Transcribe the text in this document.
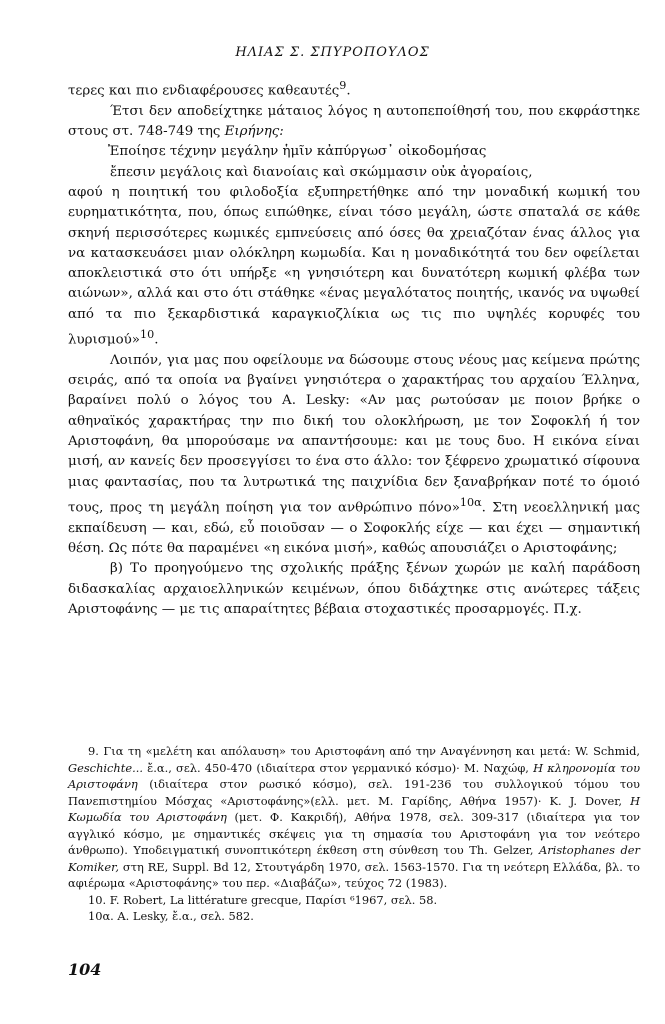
ΗΛΙΑΣ Σ. ΣΠΥΡΟΠΟΥΛΟΣ

τερες και πιο ενδιαφέρουσες καθεαυτές$^9$.

Έτσι δεν αποδείχτηκε μάταιος λόγος η αυτοπεποίθησή του, που εκφράστηκε στους στ. 748-749 της Ειρήνης:

Ἐποίησε τέχνην μεγάλην ἡμῖν κἀπύργωσ᾿ οἰκοδομήσας

ἔπεσιν μεγάλοις καὶ διανοίαις καὶ σκώμμασιν οὐκ ἀγοραίοις,

αφού η ποιητική του φιλοδοξία εξυπηρετήθηκε από την μοναδική κωμική του ευρηματικότητα, που, όπως ειπώθηκε, είναι τόσο μεγάλη, ώστε σπαταλά σε κάθε σκηνή περισσότερες κωμικές εμπνεύσεις από όσες θα χρειαζόταν ένας άλλος για να κατασκευάσει μιαν ολόκληρη κωμωδία. Και η μοναδικότητά του δεν οφείλεται αποκλειστικά στο ότι υπήρξε «η γνησιότερη και δυνατότερη κωμική φλέβα των αιώνων», αλλά και στο ότι στάθηκε «ένας μεγαλότατος ποιητής, ικανός να υψωθεί από τα πιο ξεκαρδιστικά καραγκιοζλίκια ως τις πιο υψηλές κορυφές του λυρισμού»$^{10}$.

Λοιπόν, για μας που οφείλουμε να δώσουμε στους νέους μας κείμενα πρώτης σειράς, από τα οποία να βγαίνει γνησιότερα ο χαρακτήρας του αρχαίου Έλληνα, βαραίνει πολύ ο λόγος του A. Lesky: «Αν μας ρωτούσαν με ποιον βρήκε ο αθηναϊκός χαρακτήρας την πιο δική του ολοκλήρωση, με τον Σοφοκλή ή τον Αριστοφάνη, θα μπορούσαμε να απαντήσουμε: και με τους δυο. Η εικόνα είναι μισή, αν κανείς δεν προσεγγίσει το ένα στο άλλο: τον ξέφρενο χρωματικό σίφουνα μιας φαντασίας, που τα λυτρωτικά της παιχνίδια δεν ξαναβρήκαν ποτέ το όμοιό τους, προς τη μεγάλη ποίηση για τον ανθρώπινο πόνο»$^{10\alpha}$. Στη νεοελληνική μας εκπαίδευση — και, εδώ, εὖ ποιοῦσαν — ο Σοφοκλής είχε — και έχει — σημαντική θέση. Ως πότε θα παραμένει «η εικόνα μισή», καθώς απουσιάζει ο Αριστοφάνης;

β) Το προηγούμενο της σχολικής πράξης ξένων χωρών με καλή παράδοση διδασκαλίας αρχαιοελληνικών κειμένων, όπου διδάχτηκε στις ανώτερες τάξεις Αριστοφάνης — με τις απαραίτητες βέβαια στοχαστικές προσαρμογές. Π.χ.

9. Για τη «μελέτη και απόλαυση» του Αριστοφάνη από την Αναγέννηση και μετά: W. Schmid, Geschichte... ἔ.α., σελ. 450-470 (ιδιαίτερα στον γερμανικό κόσμο)· Μ. Ναχώφ, Η κληρονομία του Αριστοφάνη (ιδιαίτερα στον ρωσικό κόσμο), σελ. 191-236 του συλλογικού τόμου του Πανεπιστημίου Μόσχας «Αριστοφάνης»(ελλ. μετ. Μ. Γαρίδης, Αθήνα 1957)· K. J. Dover, Η Κωμωδία του Αριστοφάνη (μετ. Φ. Κακριδή), Αθήνα 1978, σελ. 309-317 (ιδιαίτερα για τον αγγλικό κόσμο, με σημαντικές σκέψεις για τη σημασία του Αριστοφάνη για τον νεότερο άνθρωπο). Υποδειγματική συνοπτικότερη έκθεση στη σύνθεση του Th. Gelzer, Aristophanes der Komiker, στη RE, Suppl. Bd 12, Στουτγάρδη 1970, σελ. 1563-1570. Για τη νεότερη Ελλάδα, βλ. το αφιέρωμα «Αριστοφάνης» του περ. «Διαβάζω», τεύχος 72 (1983).

10. F. Robert, La littérature grecque, Παρίσι ⁶1967, σελ. 58.

10α. A. Lesky, ἔ.α., σελ. 582.

104
